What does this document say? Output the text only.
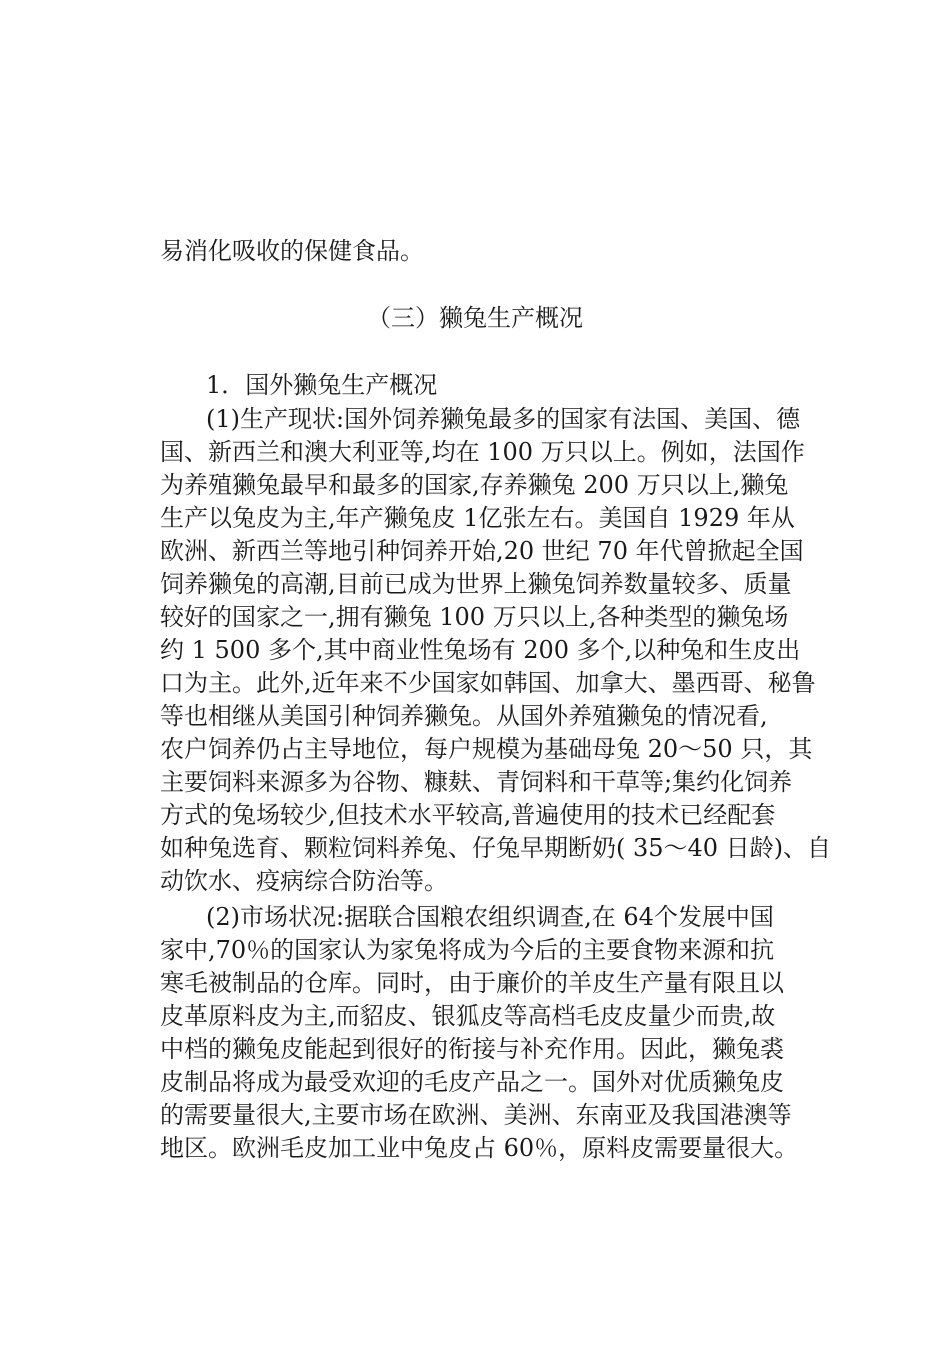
易消化吸收的保健食品。
（三）獭兔生产概况
1．国外獭兔生产概况
(1)生产现状:国外饲养獭兔最多的国家有法国、美国、德
国、新西兰和澳大利亚等,均在 100 万只以上。例如，法国作
为养殖獭兔最早和最多的国家,存养獭兔 200 万只以上,獭兔
生产以兔皮为主,年产獭兔皮 1亿张左右。美国自 1929 年从
欧洲、新西兰等地引种饲养开始,20 世纪 70 年代曾掀起全国
饲养獭兔的高潮,目前已成为世界上獭兔饲养数量较多、质量
较好的国家之一,拥有獭兔 100 万只以上,各种类型的獭兔场
约 1 500 多个,其中商业性兔场有 200 多个,以种兔和生皮出
口为主。此外,近年来不少国家如韩国、加拿大、墨西哥、秘鲁
等也相继从美国引种饲养獭兔。从国外养殖獭兔的情况看,
农户饲养仍占主导地位，每户规模为基础母兔 20～50 只，其
主要饲料来源多为谷物、糠麸、青饲料和干草等;集约化饲养
方式的兔场较少,但技术水平较高,普遍使用的技术已经配套
如种兔选育、颗粒饲料养兔、仔兔早期断奶( 35～40 日龄)、自
动饮水、疫病综合防治等。
(2)市场状况:据联合国粮农组织调查,在 64个发展中国
家中,70％的国家认为家兔将成为今后的主要食物来源和抗
寒毛被制品的仓库。同时，由于廉价的羊皮生产量有限且以
皮革原料皮为主,而貂皮、银狐皮等高档毛皮皮量少而贵,故
中档的獭兔皮能起到很好的衔接与补充作用。因此，獭兔裘
皮制品将成为最受欢迎的毛皮产品之一。国外对优质獭兔皮
的需要量很大,主要市场在欧洲、美洲、东南亚及我国港澳等
地区。欧洲毛皮加工业中兔皮占 60％，原料皮需要量很大。
